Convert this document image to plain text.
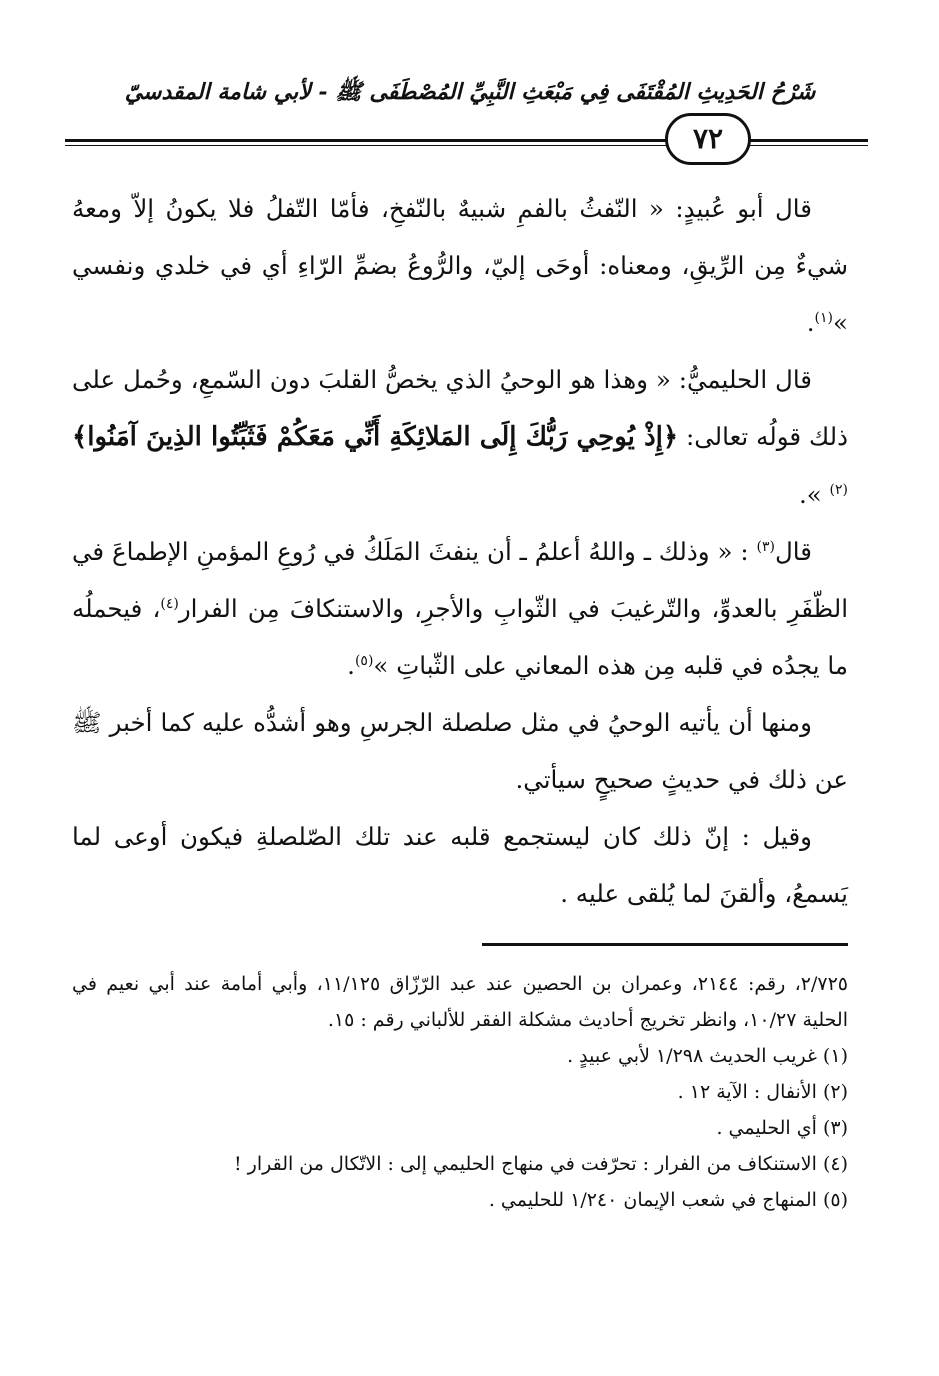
شَرْحُ الحَدِيثِ المُقْتَفَى فِي مَبْعَثِ النَّبِيِّ المُصْطَفَى ﷺ - لأبي شامة المقدسيّ
٧٢

قال أبو عُبيدٍ: « النّفثُ بالفمِ شبيهٌ بالنّفخِ، فأمّا التّفلُ فلا يكونُ إلاّ ومعهُ شيءٌ مِن الرِّيقِ، ومعناه: أوحَى إليّ، والرُّوعُ بضمِّ الرّاءِ أي في خلدي ونفسي »$^{(١)}$.

قال الحليميُّ: « وهذا هو الوحيُ الذي يخصُّ القلبَ دون السّمعِ، وحُمل على ذلك قولُه تعالى: ﴿إِذْ يُوحِي رَبُّكَ إِلَى المَلائِكَةِ أَنِّي مَعَكُمْ فَثَبِّتُوا الذِينَ آمَنُوا﴾$^{(٢)}$ ».

قال$^{(٣)}$ : « وذلك ـ واللهُ أعلمُ ـ أن ينفثَ المَلَكُ في رُوعِ المؤمنِ الإطماعَ في الظّفَرِ بالعدوِّ، والتّرغيبَ في الثّوابِ والأجرِ، والاستنكافَ مِن الفرار$^{(٤)}$، فيحملُه ما يجدُه في قلبه مِن هذه المعاني على الثّباتِ »$^{(٥)}$.

ومنها أن يأتيه الوحيُ في مثل صلصلة الجرسِ وهو أشدُّه عليه كما أخبر ﷺ عن ذلك في حديثٍ صحيحٍ سيأتي.

وقيل : إنّ ذلك كان ليستجمع قلبه عند تلك الصّلصلةِ فيكون أوعى لما يَسمعُ، وألقنَ لما يُلقى عليه .

٢/٧٢٥، رقم: ٢١٤٤، وعمران بن الحصين عند عبد الرّزّاق ١١/١٢٥، وأبي أمامة عند أبي نعيم في الحلية ١٠/٢٧، وانظر تخريج أحاديث مشكلة الفقر للألباني رقم : ١٥.

(١) غريب الحديث ١/٢٩٨ لأبي عبيدٍ .

(٢) الأنفال : الآية ١٢ .

(٣) أي الحليمي .

(٤) الاستنكاف من الفرار : تحرّفت في منهاج الحليمي إلى : الاتّكال من القرار !

(٥) المنهاج في شعب الإيمان ١/٢٤٠ للحليمي .
